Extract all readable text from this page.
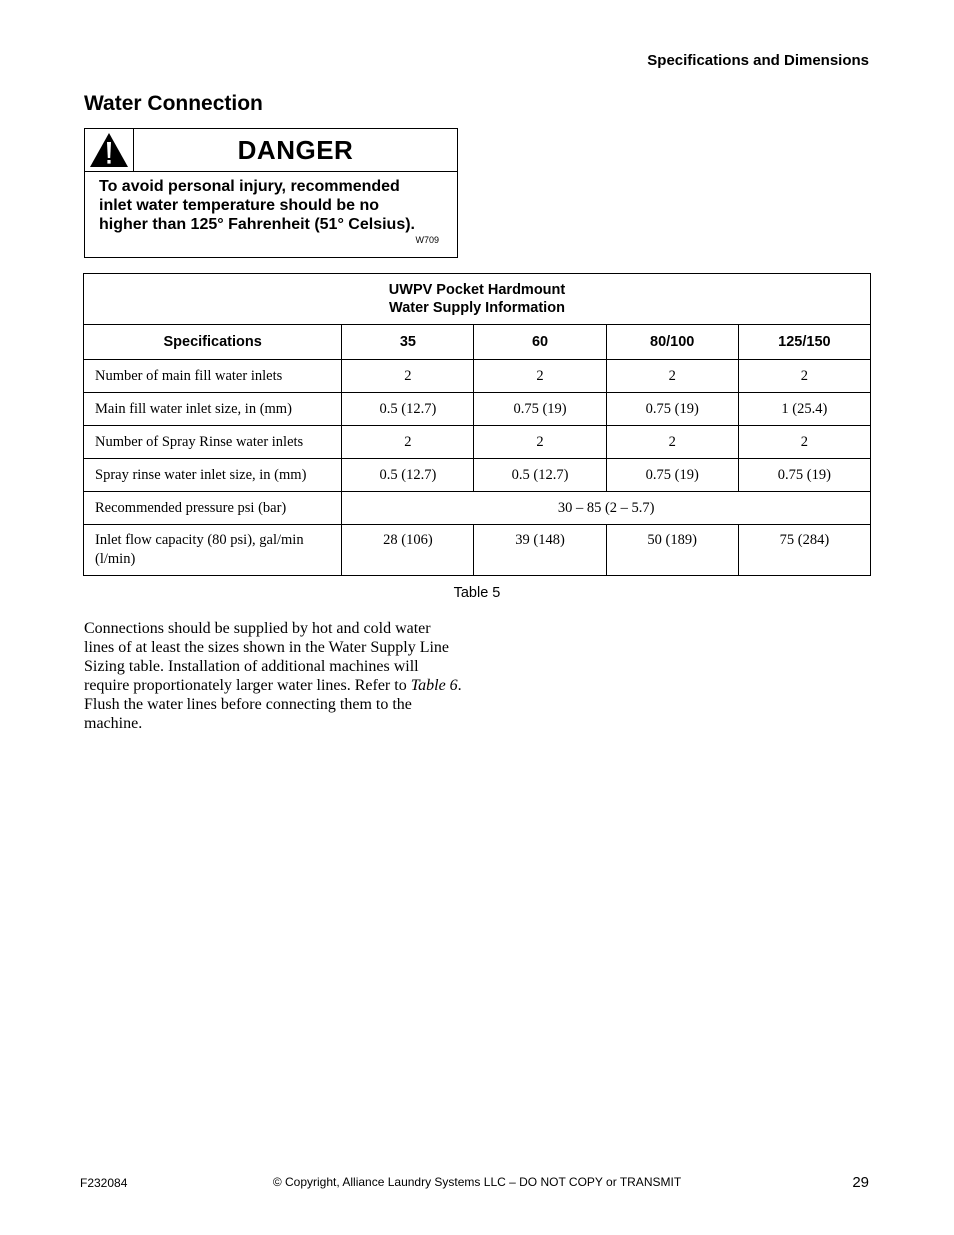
Specifications and Dimensions
Water Connection
DANGER
To avoid personal injury, recommended
inlet water temperature should be no
higher than 125° Fahrenheit (51° Celsius).
W709
UWPV Pocket Hardmount
Water Supply Information				

Specifications	35	60	80/100	125/150
Number of main fill water inlets	2	2	2	2
Main fill water inlet size, in (mm)	0.5 (12.7)	0.75 (19)	0.75 (19)	1 (25.4)
Number of Spray Rinse water inlets	2	2	2	2
Spray rinse water inlet size, in (mm)	0.5 (12.7)	0.5 (12.7)	0.75 (19)	0.75 (19)
Recommended pressure psi (bar)	30 – 85 (2 – 5.7)			
Inlet flow capacity (80 psi), gal/min (l/min)	28 (106)	39 (148)	50 (189)	75 (284)
Table 5

Connections should be supplied by hot and cold water lines of at least the sizes shown in the Water Supply Line Sizing table. Installation of additional machines will require proportionately larger water lines. Refer to Table 6. Flush the water lines before connecting them to the machine.

F232084	© Copyright, Alliance Laundry Systems LLC – DO NOT COPY or TRANSMIT	29
